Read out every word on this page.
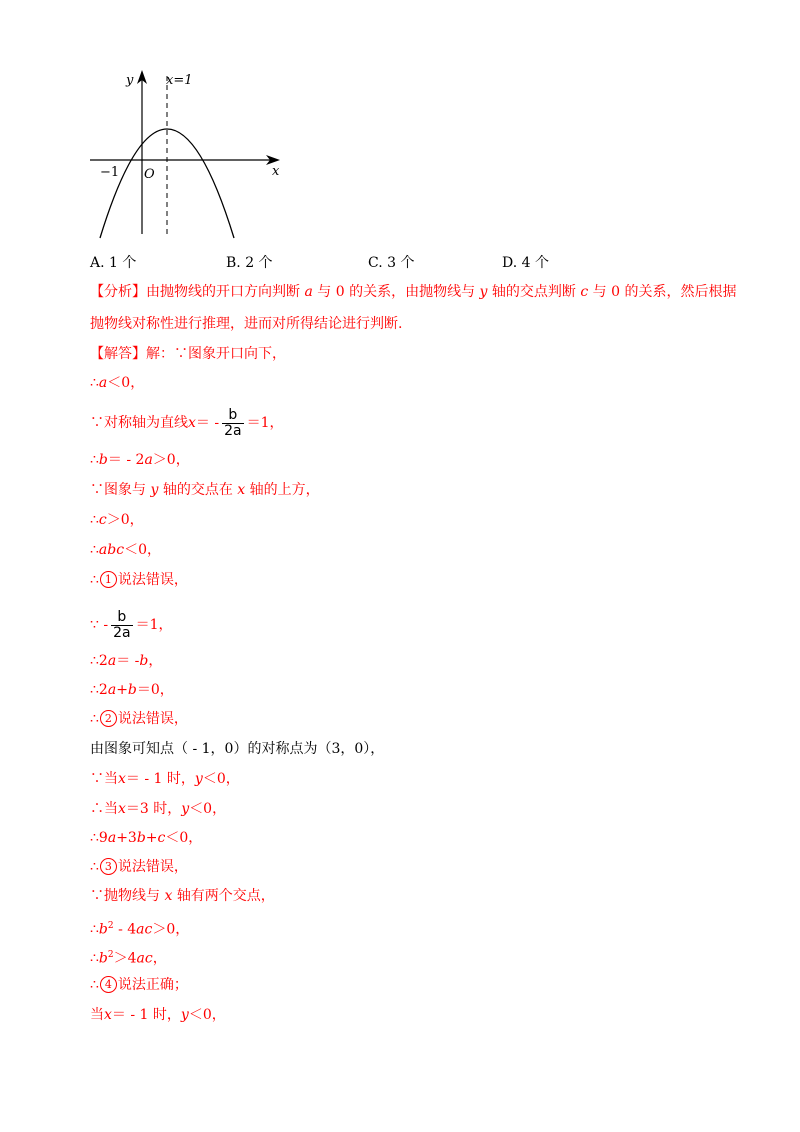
y	x=1
x
O
−1
A. 1 个	B. 2 个	C. 3 个	D. 4 个
【分析】由抛物线的开口方向判断 a 与 0 的关系，由抛物线与 y 轴的交点判断 c 与 0 的关系，然后根据
抛物线对称性进行推理，进而对所得结论进行判断.
【解答】解：∵图象开口向下，
∴a＜0，
∵对称轴为直线$x= - \frac{b}{2a} =1$，
∴b＝ - 2a＞0，
∵图象与 y 轴的交点在 x 轴的上方，
∴c＞0，
∴abc＜0，
∴ 1 说法错误，
∵ - $\frac{b}{2a} =1$，
∴2a＝ -b，
∴2a+b＝0，
∴ 2 说法错误，
由图象可知点（ - 1，0）的对称点为（3，0），
∵当x＝ - 1 时，y＜0，
∴当x＝3 时，y＜0，
∴9a+3b+c＜0，
∴ 3 说法错误，
∵抛物线与 x 轴有两个交点，
$\therefore b^2 - 4ac>0$，
$\therefore b^2>4ac$，
∴ 4 说法正确；
当x＝ - 1 时，y＜0，
